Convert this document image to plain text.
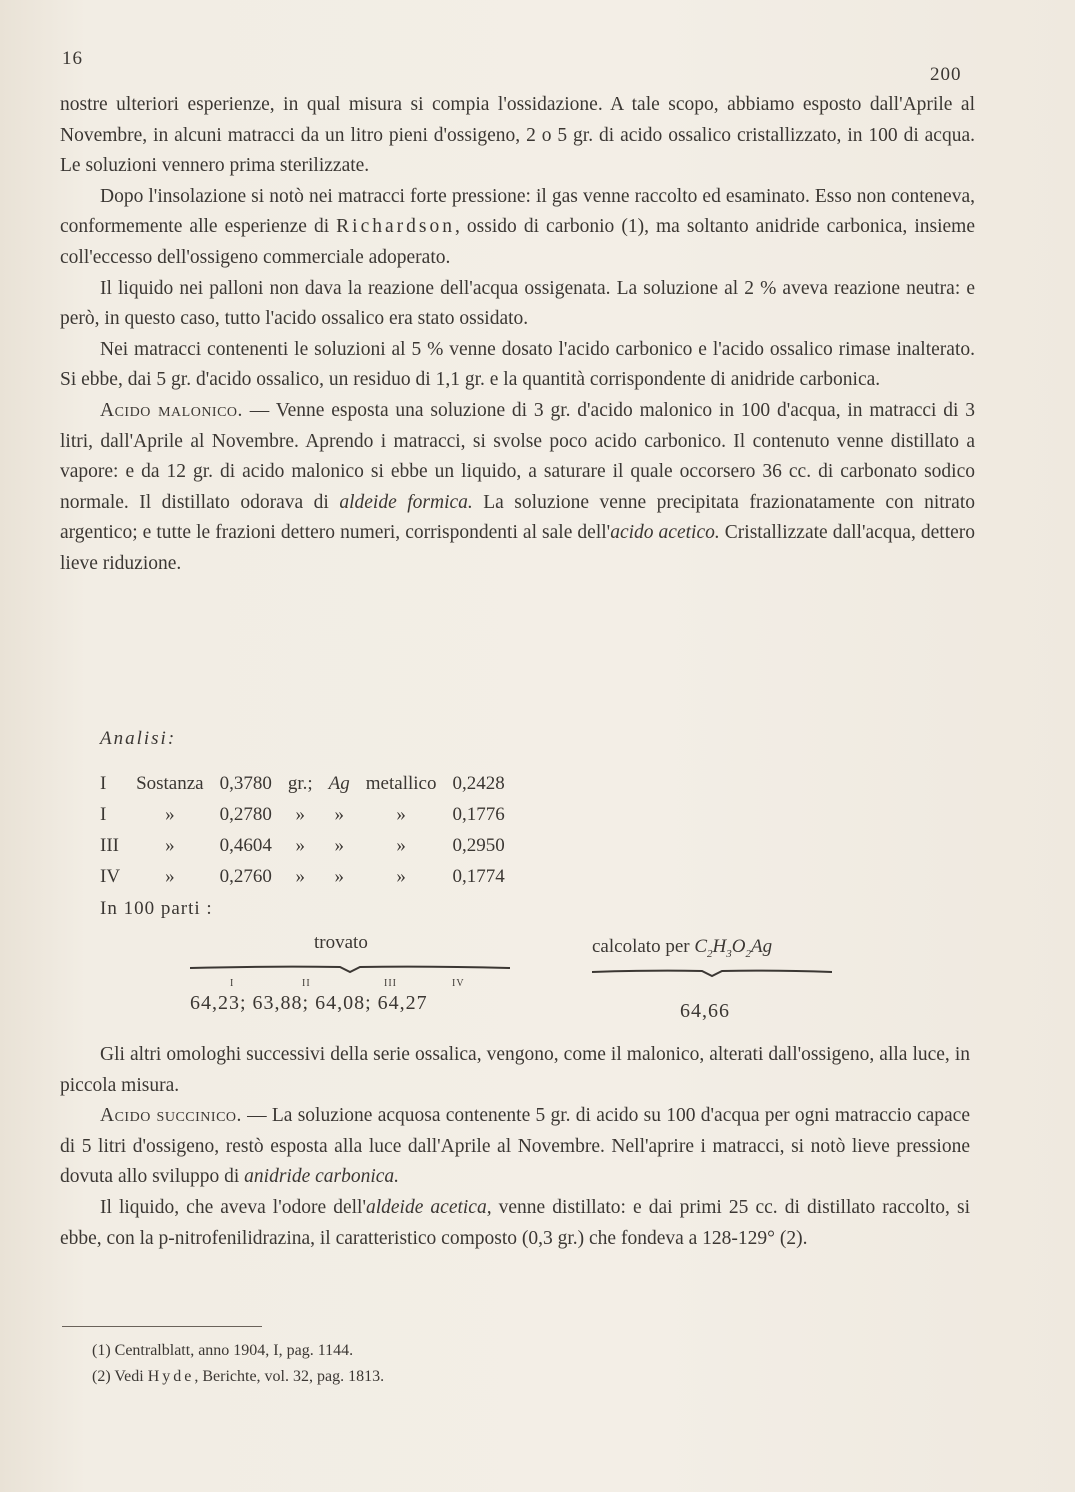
16
200

nostre ulteriori esperienze, in qual misura si compia l'ossidazione. A tale scopo, abbiamo esposto dall'Aprile al Novembre, in alcuni matracci da un litro pieni d'ossigeno, 2 o 5 gr. di acido ossalico cristallizzato, in 100 di acqua. Le soluzioni vennero prima sterilizzate.

Dopo l'insolazione si notò nei matracci forte pressione: il gas venne raccolto ed esaminato. Esso non conteneva, conformemente alle esperienze di Richardson, ossido di carbonio (1), ma soltanto anidride carbonica, insieme coll'eccesso dell'ossigeno commerciale adoperato.

Il liquido nei palloni non dava la reazione dell'acqua ossigenata. La soluzione al 2 % aveva reazione neutra: e però, in questo caso, tutto l'acido ossalico era stato ossidato.

Nei matracci contenenti le soluzioni al 5 % venne dosato l'acido carbonico e l'acido ossalico rimase inalterato. Si ebbe, dai 5 gr. d'acido ossalico, un residuo di 1,1 gr. e la quantità corrispondente di anidride carbonica.

Acido malonico. — Venne esposta una soluzione di 3 gr. d'acido malonico in 100 d'acqua, in matracci di 3 litri, dall'Aprile al Novembre. Aprendo i matracci, si svolse poco acido carbonico. Il contenuto venne distillato a vapore: e da 12 gr. di acido malonico si ebbe un liquido, a saturare il quale occorsero 36 cc. di carbonato sodico normale. Il distillato odorava di aldeide formica. La soluzione venne precipitata frazionatamente con nitrato argentico; e tutte le frazioni dettero numeri, corrispondenti al sale dell'acido acetico. Cristallizzate dall'acqua, dettero lieve riduzione.

Analisi:
I	Sostanza	0,3780	gr.;	Ag	metallico	0,2428
I	»	0,2780	»	»	»	0,1776
III	»	0,4604	»	»	»	0,2950
IV	»	0,2760	»	»	»	0,1774
In 100 parti :
trovato
I	II	III	IV
64,23; 63,88; 64,08; 64,27
calcolato per $C_2H_3O_2Ag$
64,66

Gli altri omologhi successivi della serie ossalica, vengono, come il malonico, alterati dall'ossigeno, alla luce, in piccola misura.

Acido succinico. — La soluzione acquosa contenente 5 gr. di acido su 100 d'acqua per ogni matraccio capace di 5 litri d'ossigeno, restò esposta alla luce dall'Aprile al Novembre. Nell'aprire i matracci, si notò lieve pressione dovuta allo sviluppo di anidride carbonica.

Il liquido, che aveva l'odore dell'aldeide acetica, venne distillato: e dai primi 25 cc. di distillato raccolto, si ebbe, con la p-nitrofenilidrazina, il caratteristico composto (0,3 gr.) che fondeva a 128-129° (2).

(1) Centralblatt, anno 1904, I, pag. 1144.

(2) Vedi Hyde, Berichte, vol. 32, pag. 1813.
